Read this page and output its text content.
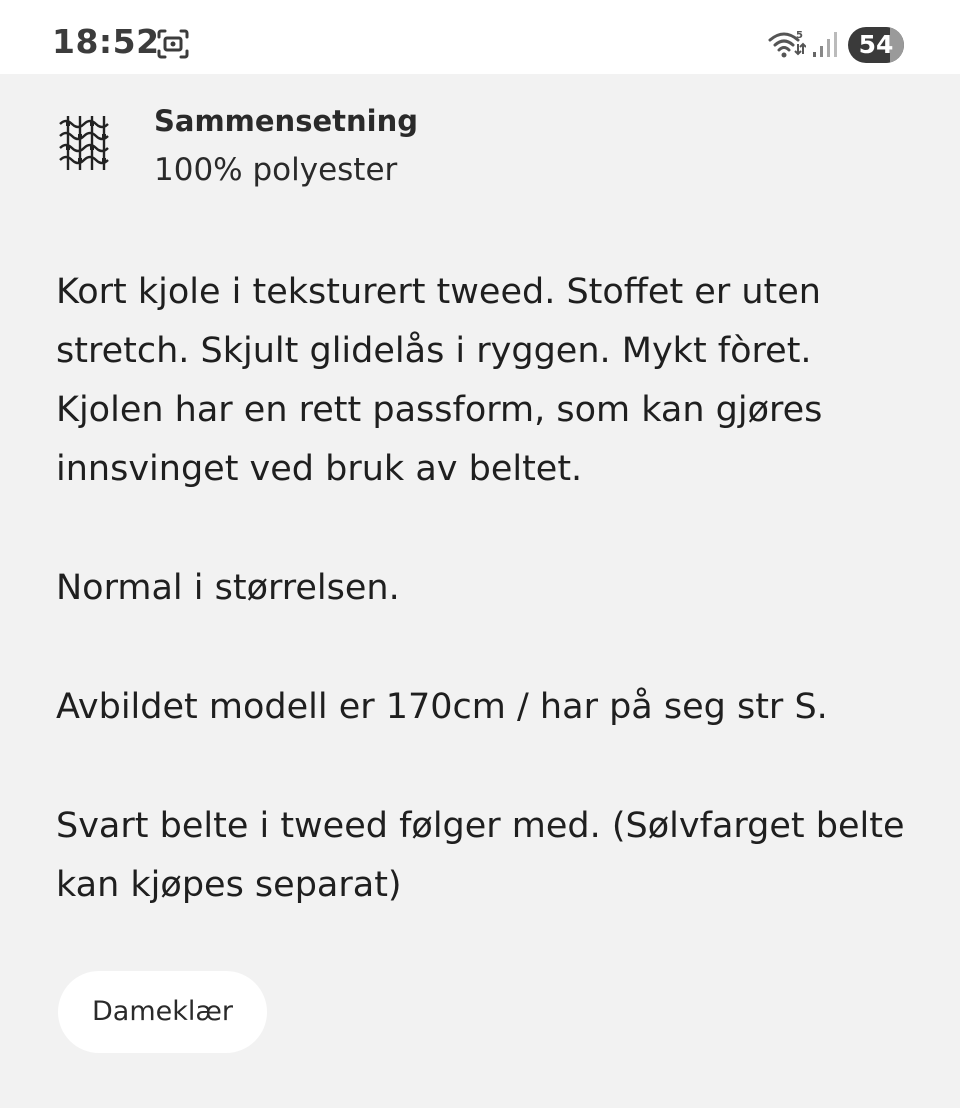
18:52	5	54
Sammensetning
100% polyester

Kort kjole i teksturert tweed. Stoffet er uten stretch. Skjult glidelås i ryggen. Mykt fòret. Kjolen har en rett passform, som kan gjøres innsvinget ved bruk av beltet.

Normal i størrelsen.

Avbildet modell er 170cm / har på seg str S.

Svart belte i tweed følger med. (Sølvfarget belte kan kjøpes separat)

Dameklær
